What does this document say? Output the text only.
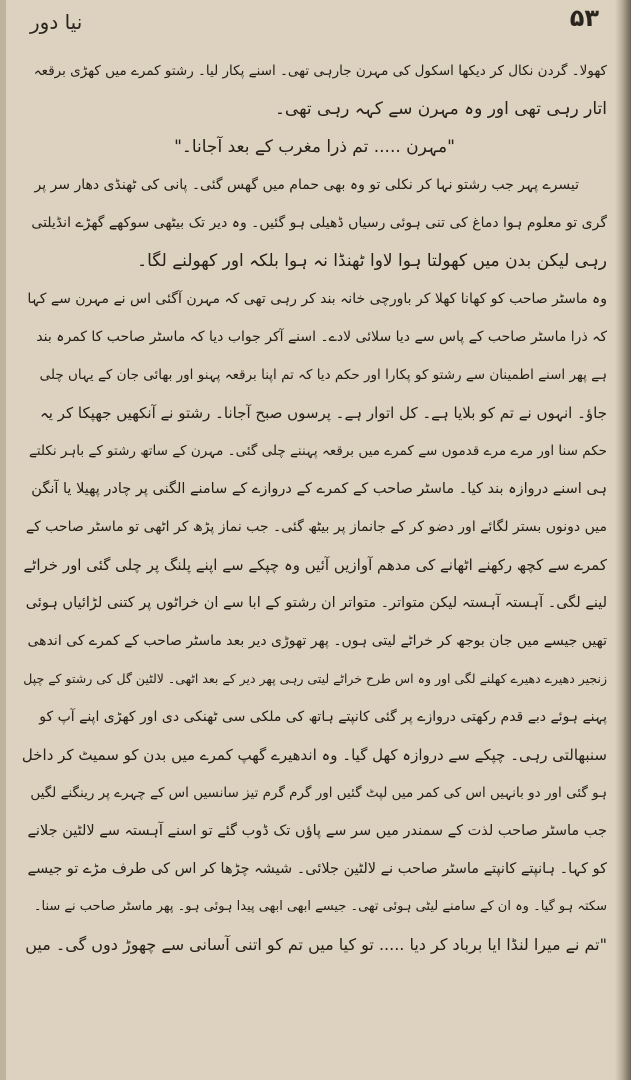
نیا دور	۵۳
کھولا۔ گردن نکال کر دیکھا اسکول کی مہرن جارہی تھی۔ اسنے پکار لیا۔ رشتو کمرے میں کھڑی برقعہ
اتار رہی تھی اور وہ مہرن سے کہہ رہی تھی۔
"مہرن ..... تم ذرا مغرب کے بعد آجانا۔"
تیسرے پہر جب رشتو نہا کر نکلی تو وہ بھی حمام میں گھس گئی۔ پانی کی ٹھنڈی دھار سر پر
گری تو معلوم ہوا دماغ کی تنی ہوئی رسیاں ڈھیلی ہو گئیں۔ وہ دیر تک بیٹھی سوکھے گھڑے انڈیلتی
رہی لیکن بدن میں کھولتا ہوا لاوا ٹھنڈا نہ ہوا بلکہ اور کھولنے لگا۔
وہ ماسٹر صاحب کو کھانا کھلا کر باورچی خانہ بند کر رہی تھی کہ مہرن آگئی اس نے مہرن سے کہا
کہ ذرا ماسٹر صاحب کے پاس سے دیا سلائی لادے۔ اسنے آکر جواب دیا کہ ماسٹر صاحب کا کمرہ بند
ہے پھر اسنے اطمینان سے رشتو کو پکارا اور حکم دیا کہ تم اپنا برقعہ پہنو اور بھائی جان کے یہاں چلی
جاؤ۔ انہوں نے تم کو بلایا ہے۔ کل اتوار ہے۔ پرسوں صبح آجانا۔ رشتو نے آنکھیں جھپکا کر یہ
حکم سنا اور مرے مرے قدموں سے کمرے میں برقعہ پہننے چلی گئی۔ مہرن کے ساتھ رشتو کے باہر نکلتے
ہی اسنے دروازہ بند کیا۔ ماسٹر صاحب کے کمرے کے دروازے کے سامنے الگنی پر چادر پھیلا یا آنگن
میں دونوں بستر لگائے اور دضو کر کے جانماز پر بیٹھ گئی۔ جب نماز پڑھ کر اٹھی تو ماسٹر صاحب کے
کمرے سے کچھ رکھنے اٹھانے کی مدھم آوازیں آئیں وہ چپکے سے اپنے پلنگ پر چلی گئی اور خراٹے
لینے لگی۔ آہستہ آہستہ لیکن متواتر۔ متواتر ان رشتو کے ابا سے ان خراٹوں پر کتنی لڑائیاں ہوئی
تھیں جیسے میں جان بوجھ کر خراٹے لیتی ہوں۔ پھر تھوڑی دیر بعد ماسٹر صاحب کے کمرے کی اندھی
زنجیر دھیرے دھیرے کھلنے لگی اور وہ اس طرح خراٹے لیتی رہی پھر دیر کے بعد اٹھی۔ لالٹین گل کی رشتو کے چپل
پہنے ہوئے دبے قدم رکھتی دروازے پر گئی کانپتے ہاتھ کی ملکی سی ٹھنکی دی اور کھڑی اپنے آپ کو
سنبھالتی رہی۔ چپکے سے دروازہ کھل گیا۔ وہ اندھیرے گھپ کمرے میں بدن کو سمیٹ کر داخل
ہو گئی اور دو بانہیں اس کی کمر میں لپٹ گئیں اور گرم گرم تیز سانسیں اس کے چہرے پر رینگنے لگیں
جب ماسٹر صاحب لذت کے سمندر میں سر سے پاؤں تک ڈوب گئے تو اسنے آہستہ سے لالٹین جلانے
کو کہا۔ ہانپتے کانپتے ماسٹر صاحب نے لالٹین جلائی۔ شیشہ چڑھا کر اس کی طرف مڑے تو جیسے
سکتہ ہو گیا۔ وہ ان کے سامنے لیٹی ہوئی تھی۔ جیسے ابھی ابھی پیدا ہوئی ہو۔ پھر ماسٹر صاحب نے سنا۔
"تم نے میرا لنڈا ایا برباد کر دیا ..... تو کیا میں تم کو اتنی آسانی سے چھوڑ دوں گی۔ میں
